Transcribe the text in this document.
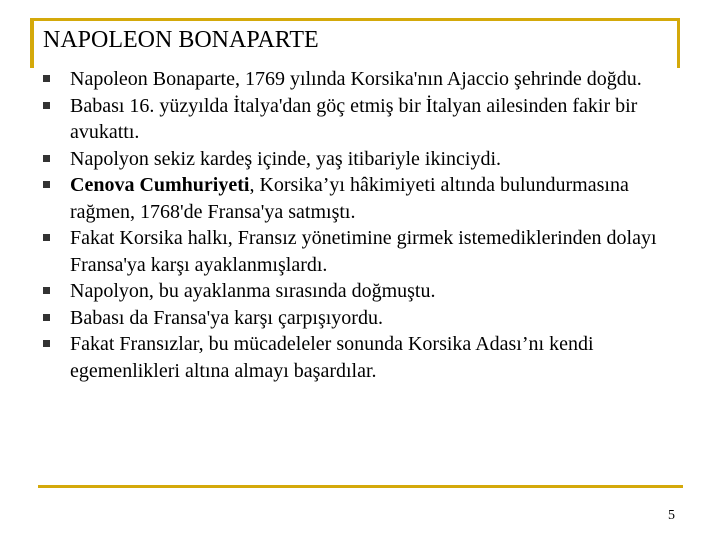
NAPOLEON BONAPARTE
Napoleon Bonaparte, 1769 yılında Korsika'nın Ajaccio şehrinde doğdu.
Babası 16. yüzyılda İtalya'dan göç etmiş bir İtalyan ailesinden fakir bir avukattı.
Napolyon sekiz kardeş içinde, yaş itibariyle ikinciydi.
Cenova Cumhuriyeti, Korsika’yı hâkimiyeti altında bulundurmasına rağmen, 1768'de Fransa'ya satmıştı.
Fakat Korsika halkı, Fransız yönetimine girmek istemediklerinden dolayı Fransa'ya karşı ayaklanmışlardı.
Napolyon, bu ayaklanma sırasında doğmuştu.
Babası da Fransa'ya karşı çarpışıyordu.
Fakat Fransızlar, bu mücadeleler sonunda Korsika Adası’nı kendi egemenlikleri altına almayı başardılar.
5
